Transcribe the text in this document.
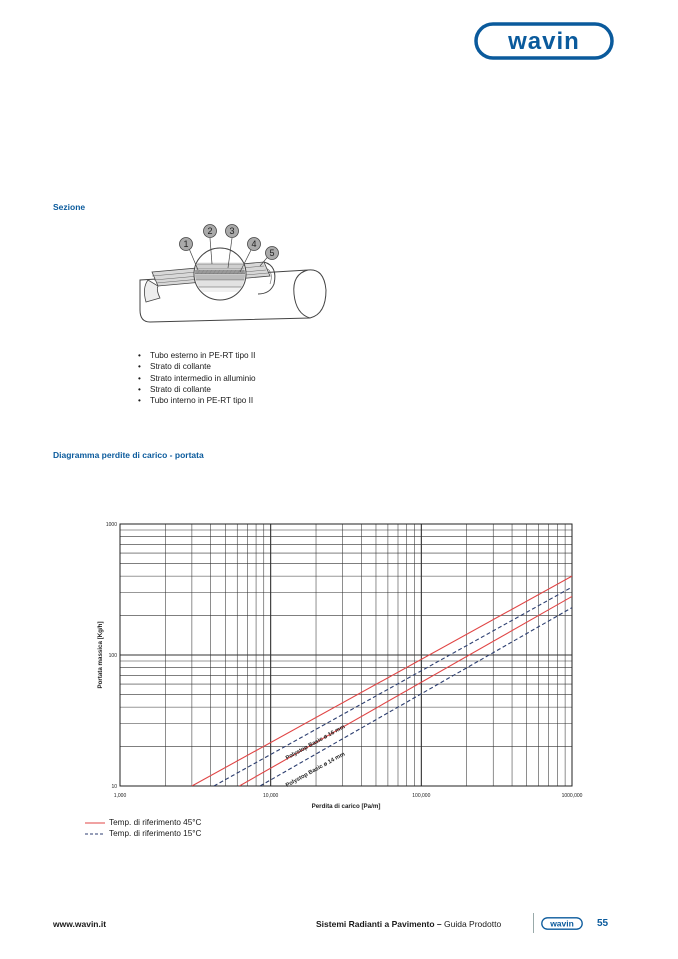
wavin
Sezione
1
2 3
4
5
• Tubo esterno in PE-RT tipo II
• Strato di collante
• Strato intermedio in alluminio
• Strato di collante
• Tubo interno in PE-RT tipo II
Diagramma perdite di carico - portata
1,000	10,000	100,000	1000,000
10
100
1000
Perdita di carico [Pa/m]
Portata massica [Kg/h]
Polystop Basic ø 16 mm
Polystop Basic ø 14 mm
Temp. di riferimento 45°C
Temp. di riferimento 15°C
www.wavin.it	Sistemi Radianti a Pavimento – Guida Prodotto	wavin 55
